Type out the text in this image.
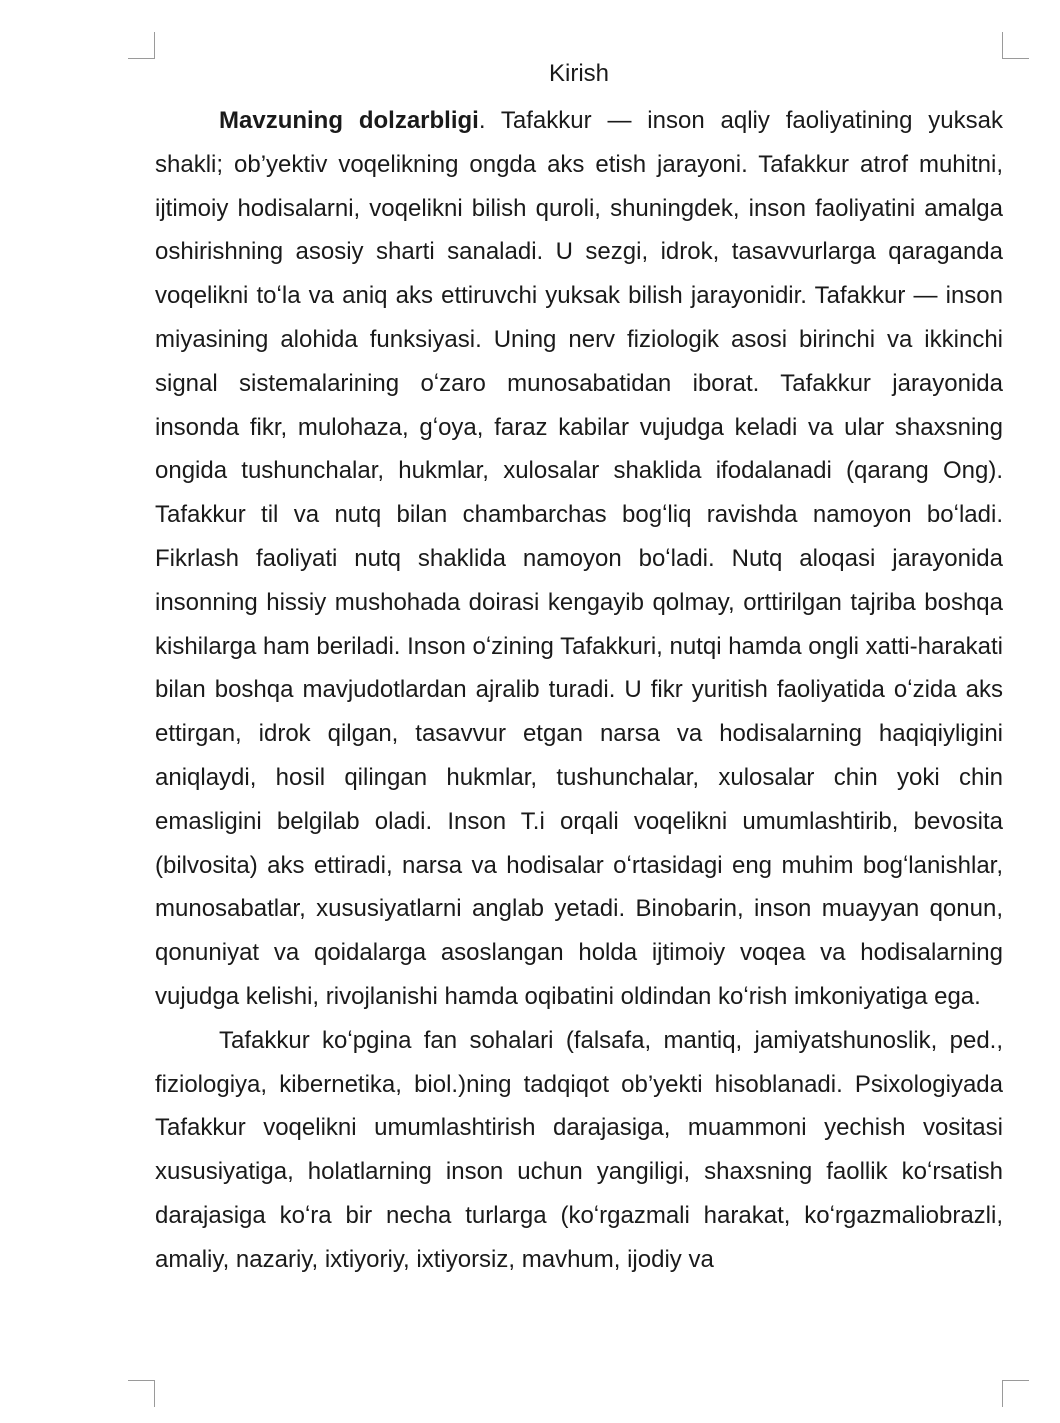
Kirish

Mavzuning dolzarbligi. Tafakkur — inson aqliy faoliyatining yuksak shakli; ob’yektiv voqelikning ongda aks etish jarayoni. Tafakkur atrof muhitni, ijtimoiy hodisalarni, voqelikni bilish quroli, shuningdek, inson faoliyatini amalga oshirishning asosiy sharti sanaladi. U sezgi, idrok, tasavvurlarga qaraganda voqelikni toʻla va aniq aks ettiruvchi yuksak bilish jarayonidir. Tafakkur — inson miyasining alohida funksiyasi. Uning nerv fiziologik asosi birinchi va ikkinchi signal sistemalarining oʻzaro munosabatidan iborat. Tafakkur jarayonida insonda fikr, mulohaza, gʻoya, faraz kabilar vujudga keladi va ular shaxsning ongida tushunchalar, hukmlar, xulosalar shaklida ifodalanadi (qarang Ong). Tafakkur til va nutq bilan chambarchas bogʻliq ravishda namoyon boʻladi. Fikrlash faoliyati nutq shaklida namoyon boʻladi. Nutq aloqasi jarayonida insonning hissiy mushohada doirasi kengayib qolmay, orttirilgan tajriba boshqa kishilarga ham beriladi. Inson oʻzining Tafakkuri, nutqi hamda ongli xatti-harakati bilan boshqa mavjudotlardan ajralib turadi. U fikr yuritish faoliyatida oʻzida aks ettirgan, idrok qilgan, tasavvur etgan narsa va hodisalarning haqiqiyligini aniqlaydi, hosil qilingan hukmlar, tushunchalar, xulosalar chin yoki chin emasligini belgilab oladi. Inson T.i orqali voqelikni umumlashtirib, bevosita (bilvosita) aks ettiradi, narsa va hodisalar oʻrtasidagi eng muhim bogʻlanishlar, munosabatlar, xususiyatlarni anglab yetadi. Binobarin, inson muayyan qonun, qonuniyat va qoidalarga asoslangan holda ijtimoiy voqea va hodisalarning vujudga kelishi, rivojlanishi hamda oqibatini oldindan koʻrish imkoniyatiga ega.

Tafakkur koʻpgina fan sohalari (falsafa, mantiq, jamiyatshunoslik, ped., fiziologiya, kibernetika, biol.)ning tadqiqot ob’yekti hisoblanadi. Psixologiyada Tafakkur voqelikni umumlashtirish darajasiga, muammoni yechish vositasi xususiyatiga, holatlarning inson uchun yangiligi, shaxsning faollik koʻrsatish darajasiga koʻra bir necha turlarga (koʻrgazmali harakat, koʻrgazmaliobrazli, amaliy, nazariy, ixtiyoriy, ixtiyorsiz, mavhum, ijodiy va
